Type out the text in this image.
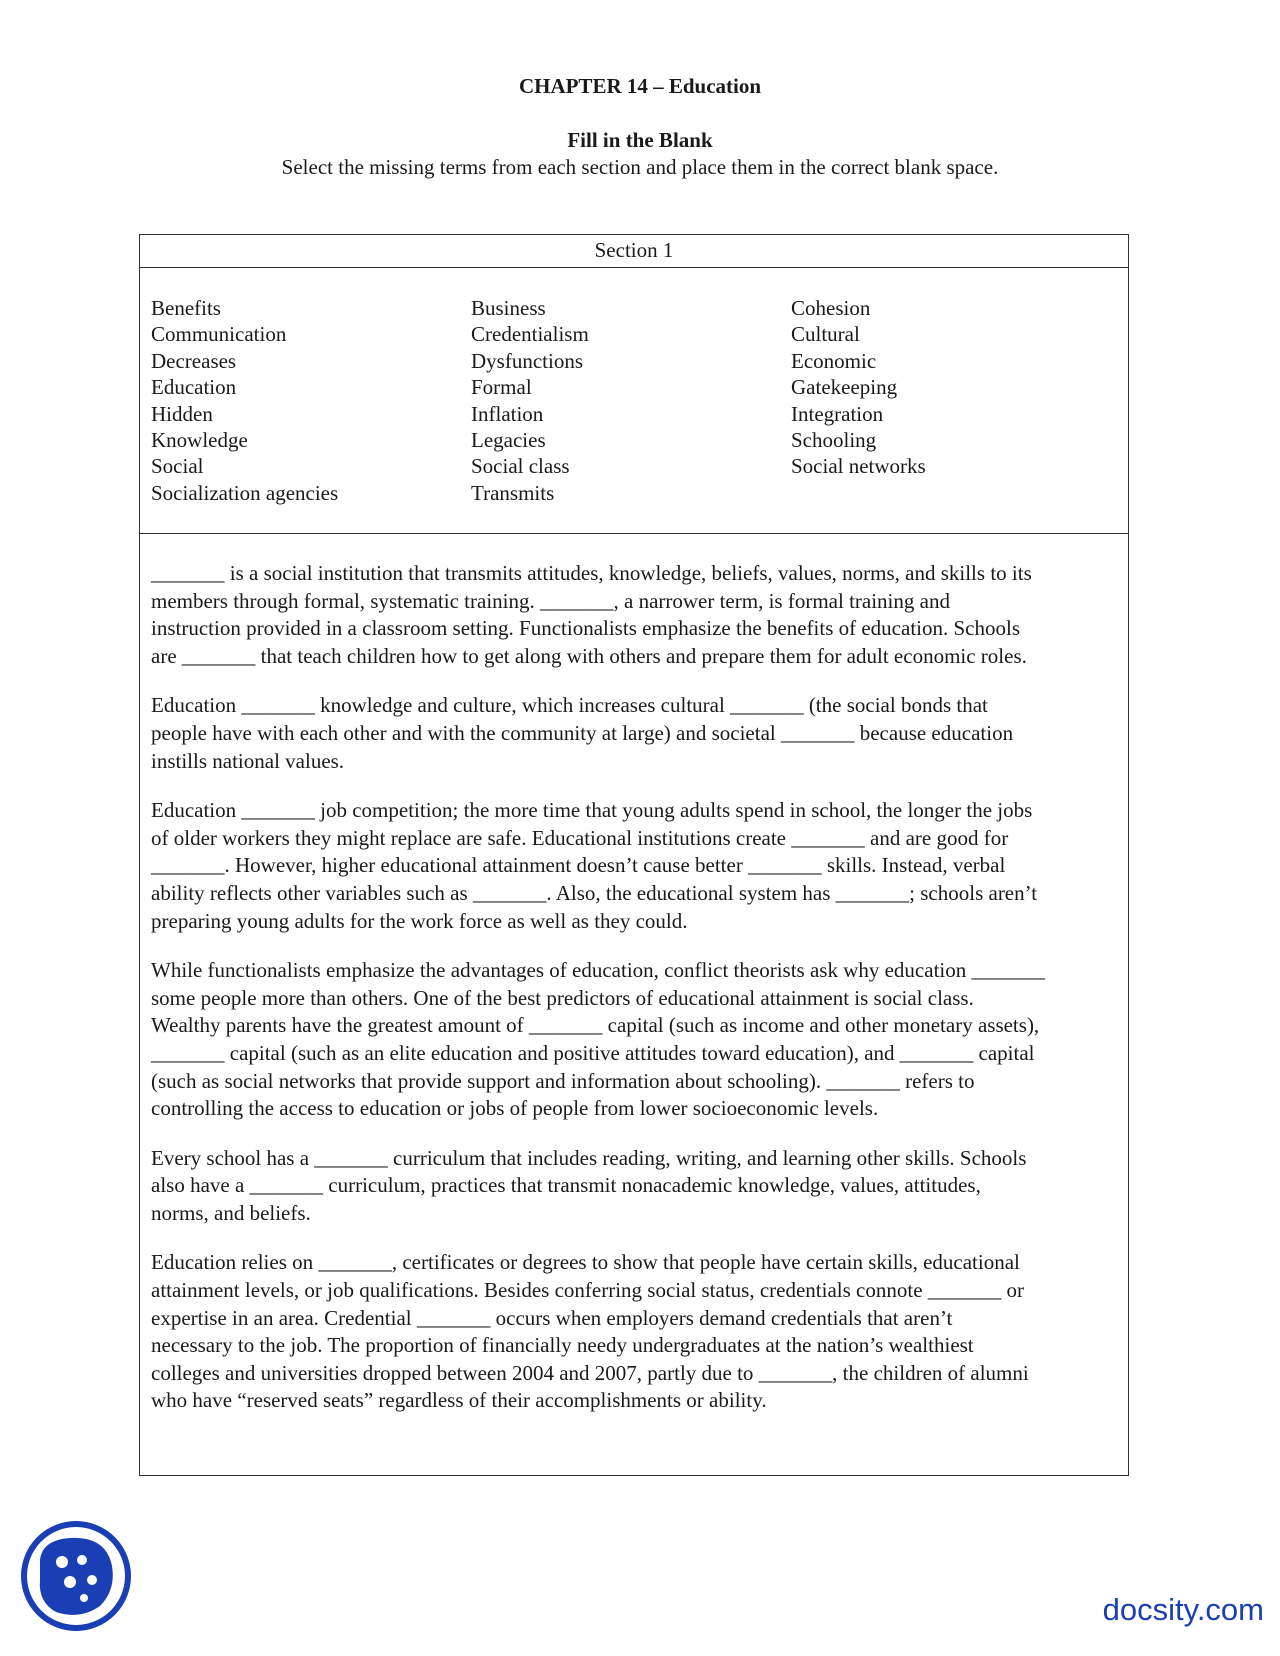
CHAPTER 14 – Education
Fill in the Blank
Select the missing terms from each section and place them in the correct blank space.
Section 1
Benefits
Communication
Decreases
Education
Hidden
Knowledge
Social
Socialization agencies
Business
Credentialism
Dysfunctions
Formal
Inflation
Legacies
Social class
Transmits
Cohesion
Cultural
Economic
Gatekeeping
Integration
Schooling
Social networks

_______ is a social institution that transmits attitudes, knowledge, beliefs, values, norms, and skills to its
members through formal, systematic training. _______, a narrower term, is formal training and
instruction provided in a classroom setting. Functionalists emphasize the benefits of education. Schools
are _______ that teach children how to get along with others and prepare them for adult economic roles.

Education _______ knowledge and culture, which increases cultural _______ (the social bonds that
people have with each other and with the community at large) and societal _______ because education
instills national values.

Education _______ job competition; the more time that young adults spend in school, the longer the jobs
of older workers they might replace are safe. Educational institutions create _______ and are good for
_______. However, higher educational attainment doesn’t cause better _______ skills. Instead, verbal
ability reflects other variables such as _______. Also, the educational system has _______; schools aren’t
preparing young adults for the work force as well as they could.

While functionalists emphasize the advantages of education, conflict theorists ask why education _______
some people more than others. One of the best predictors of educational attainment is social class.
Wealthy parents have the greatest amount of _______ capital (such as income and other monetary assets),
_______ capital (such as an elite education and positive attitudes toward education), and _______ capital
(such as social networks that provide support and information about schooling). _______ refers to
controlling the access to education or jobs of people from lower socioeconomic levels.

Every school has a _______ curriculum that includes reading, writing, and learning other skills. Schools
also have a _______ curriculum, practices that transmit nonacademic knowledge, values, attitudes,
norms, and beliefs.

Education relies on _______, certificates or degrees to show that people have certain skills, educational
attainment levels, or job qualifications. Besides conferring social status, credentials connote _______ or
expertise in an area. Credential _______ occurs when employers demand credentials that aren’t
necessary to the job. The proportion of financially needy undergraduates at the nation’s wealthiest
colleges and universities dropped between 2004 and 2007, partly due to _______, the children of alumni
who have “reserved seats” regardless of their accomplishments or ability.

docsity.com
